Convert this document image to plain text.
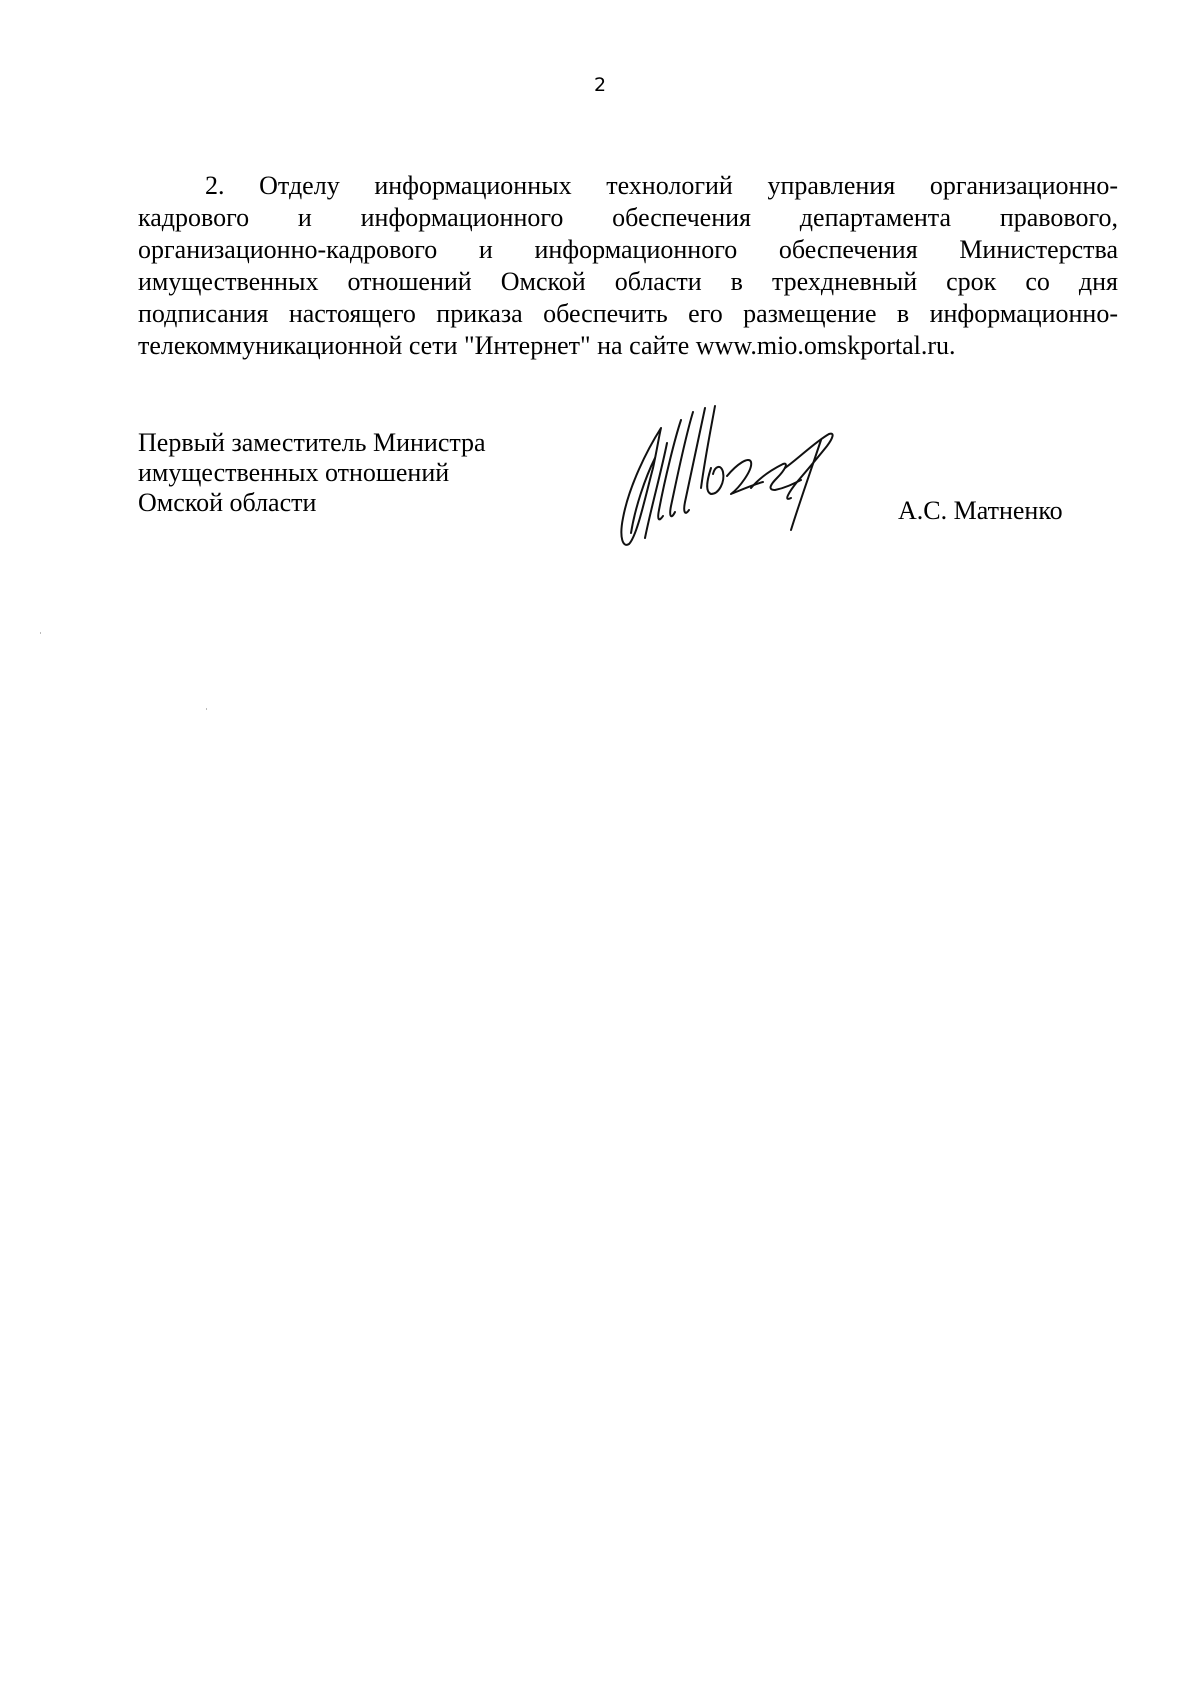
2
2. Отделу информационных технологий управления организационно-
кадрового и информационного обеспечения департамента правового,
организационно-кадрового и информационного обеспечения Министерства
имущественных отношений Омской области в трехдневный срок со дня
подписания настоящего приказа обеспечить его размещение в информационно-
телекоммуникационной сети "Интернет" на сайте www.mio.omskportal.ru.
Первый заместитель Министра
имущественных отношений
Омской области	А.С. Матненко
